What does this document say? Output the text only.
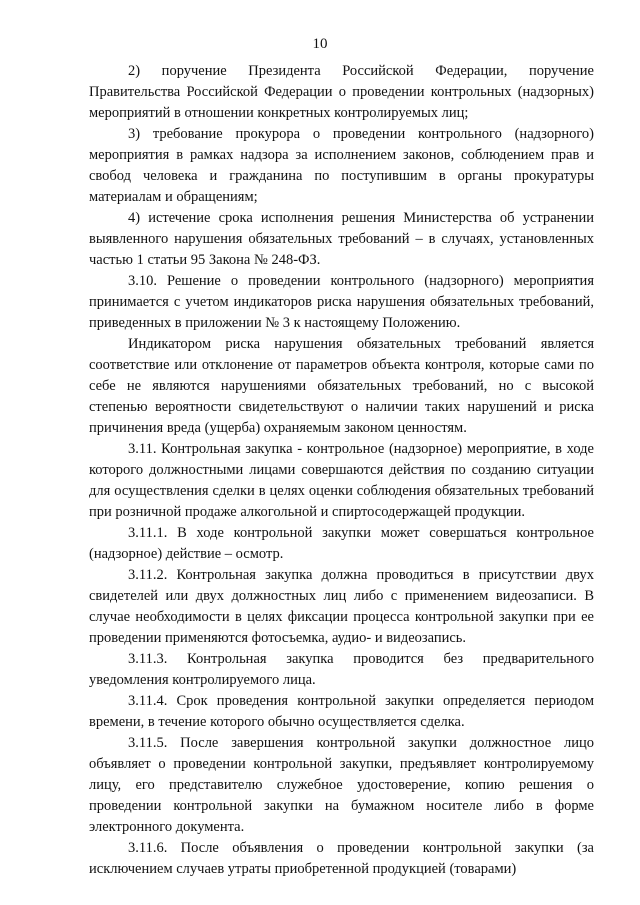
10

2) поручение Президента Российской Федерации, поручение Правительства Российской Федерации о проведении контрольных (надзорных) мероприятий в отношении конкретных контролируемых лиц;

3) требование прокурора о проведении контрольного (надзорного) мероприятия в рамках надзора за исполнением законов, соблюдением прав и свобод человека и гражданина по поступившим в органы прокуратуры материалам и обращениям;

4) истечение срока исполнения решения Министерства об устранении выявленного нарушения обязательных требований – в случаях, установленных частью 1 статьи 95 Закона № 248-ФЗ.

3.10. Решение о проведении контрольного (надзорного) мероприятия принимается с учетом индикаторов риска нарушения обязательных требований, приведенных в приложении № 3 к настоящему Положению.

Индикатором риска нарушения обязательных требований является соответствие или отклонение от параметров объекта контроля, которые сами по себе не являются нарушениями обязательных требований, но с высокой степенью вероятности свидетельствуют о наличии таких нарушений и риска причинения вреда (ущерба) охраняемым законом ценностям.

3.11. Контрольная закупка - контрольное (надзорное) мероприятие, в ходе которого должностными лицами совершаются действия по созданию ситуации для осуществления сделки в целях оценки соблюдения обязательных требований при розничной продаже алкогольной и спиртосодержащей продукции.

3.11.1. В ходе контрольной закупки может совершаться контрольное (надзорное) действие – осмотр.

3.11.2. Контрольная закупка должна проводиться в присутствии двух свидетелей или двух должностных лиц либо с применением видеозаписи. В случае необходимости в целях фиксации процесса контрольной закупки при ее проведении применяются фотосъемка, аудио- и видеозапись.

3.11.3. Контрольная закупка проводится без предварительного уведомления контролируемого лица.

3.11.4. Срок проведения контрольной закупки определяется периодом времени, в течение которого обычно осуществляется сделка.

3.11.5. После завершения контрольной закупки должностное лицо объявляет о проведении контрольной закупки, предъявляет контролируемому лицу, его представителю служебное удостоверение, копию решения о проведении контрольной закупки на бумажном носителе либо в форме электронного документа.

3.11.6. После объявления о проведении контрольной закупки (за исключением случаев утраты приобретенной продукцией (товарами)
